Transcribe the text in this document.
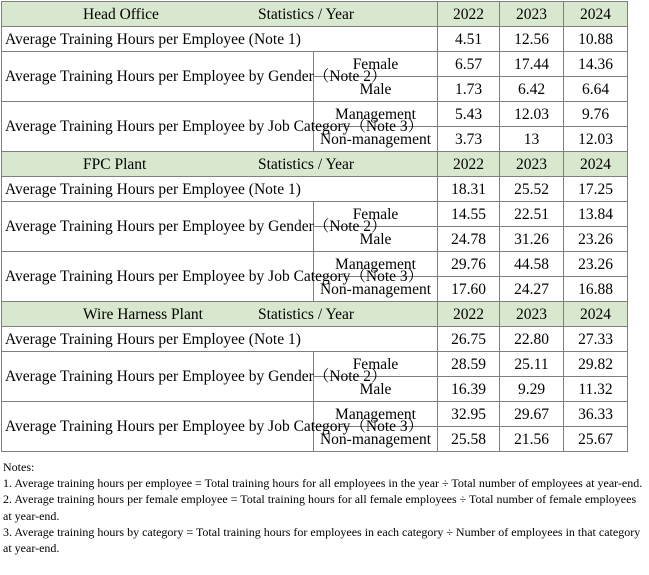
Head Office Statistics / Year		2022	2023	2024
Average Training Hours per Employee (Note 1)		4.51	12.56	10.88
Average Training Hours per Employee by Gender（Note 2）	Female	6.57	17.44	14.36
	Male	1.73	6.42	6.64
Average Training Hours per Employee by Job Category（Note 3）	Management	5.43	12.03	9.76
	Non-management	3.73	13	12.03

FPC Plant Statistics / Year		2022	2023	2024
Average Training Hours per Employee (Note 1)		18.31	25.52	17.25
Average Training Hours per Employee by Gender（Note 2）	Female	14.55	22.51	13.84
	Male	24.78	31.26	23.26
Average Training Hours per Employee by Job Category（Note 3）	Management	29.76	44.58	23.26
	Non-management	17.60	24.27	16.88

Wire Harness Plant Statistics / Year		2022	2023	2024
Average Training Hours per Employee (Note 1)		26.75	22.80	27.33
Average Training Hours per Employee by Gender（Note 2）	Female	28.59	25.11	29.82
	Male	16.39	9.29	11.32
Average Training Hours per Employee by Job Category（Note 3）	Management	32.95	29.67	36.33
	Non-management	25.58	21.56	25.67

Notes:

1. Average training hours per employee = Total training hours for all employees in the year ÷ Total number of employees at year-end.

2. Average training hours per female employee = Total training hours for all female employees ÷ Total number of female employees at year-end.

3. Average training hours by category = Total training hours for employees in each category ÷ Number of employees in that category at year-end.
